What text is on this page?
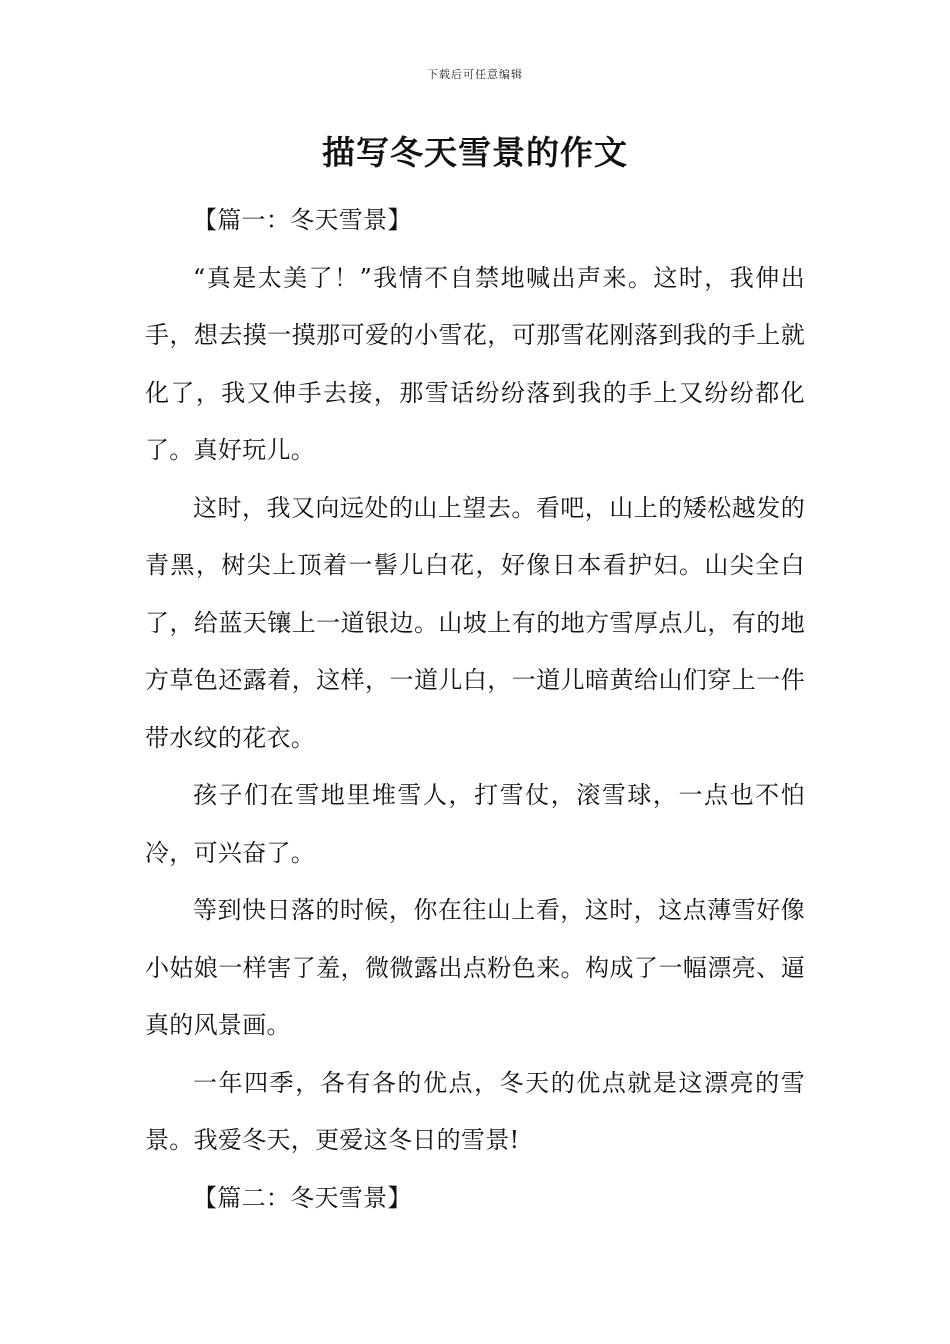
下载后可任意编辑
描写冬天雪景的作文

【篇一：冬天雪景】

“真是太美了！”我情不自禁地喊出声来。这时，我伸出手，想去摸一摸那可爱的小雪花，可那雪花刚落到我的手上就化了，我又伸手去接，那雪话纷纷落到我的手上又纷纷都化了。真好玩儿。

这时，我又向远处的山上望去。看吧，山上的矮松越发的青黑，树尖上顶着一髻儿白花，好像日本看护妇。山尖全白了，给蓝天镶上一道银边。山坡上有的地方雪厚点儿，有的地方草色还露着，这样，一道儿白，一道儿暗黄给山们穿上一件带水纹的花衣。

孩子们在雪地里堆雪人，打雪仗，滚雪球，一点也不怕冷，可兴奋了。

等到快日落的时候，你在往山上看，这时，这点薄雪好像小姑娘一样害了羞，微微露出点粉色来。构成了一幅漂亮、逼真的风景画。

一年四季，各有各的优点，冬天的优点就是这漂亮的雪景。我爱冬天，更爱这冬日的雪景!

【篇二：冬天雪景】
